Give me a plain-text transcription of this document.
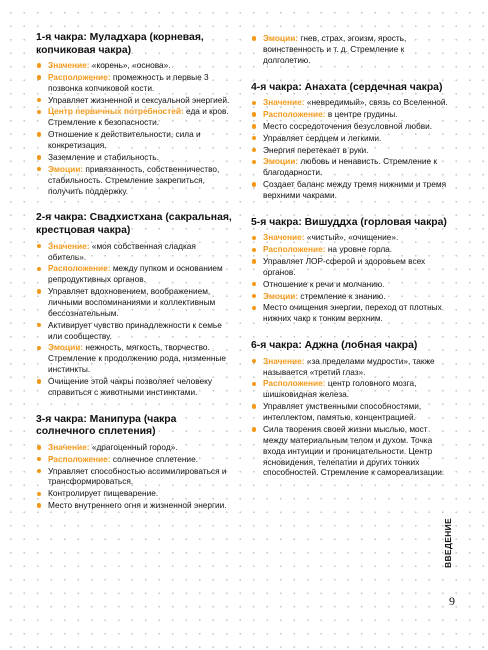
1-я чакра: Муладхара (корневая, копчиковая чакра)
Значение: «корень», «основа».
Расположение: промежность и первые 3 позвонка копчиковой кости.
Управляет жизненной и сексуальной энергией.
Центр первичных потребностей: еда и кров. Стремление к безопасности.
Отношение к действительности, сила и конкретизация.
Заземление и стабильность.
Эмоции: привязанность, собственничество, стабильность. Стремление закрепиться, получить поддержку.
2-я чакра: Свадхистхана (сакральная, крестцовая чакра)
Значение: «моя собственная сладкая обитель».
Расположение: между пупком и основанием репродуктивных органов.
Управляет вдохновением, воображением, личными воспоминаниями и коллективным бессознательным.
Активирует чувство принадлежности к семье или сообществу.
Эмоции: нежность, мягкость, творчество. Стремление к продолжению рода, низменные инстинкты.
Очищение этой чакры позволяет человеку справиться с животными инстинктами.
3-я чакра: Манипура (чакра солнечного сплетения)
Значение: «драгоценный город».
Расположение: солнечное сплетение.
Управляет способностью ассимилироваться и трансформироваться.
Контролирует пищеварение.
Место внутреннего огня и жизненной энергии.
Эмоции: гнев, страх, эгоизм, ярость, воинственность и т. д. Стремление к долголетию.
4-я чакра: Анахата (сердечная чакра)
Значение: «невредимый», связь со Вселенной.
Расположение: в центре грудины.
Место сосредоточения безусловной любви.
Управляет сердцем и легкими.
Энергия перетекает в руки.
Эмоции: любовь и ненависть. Стремление к благодарности.
Создает баланс между тремя нижними и тремя верхними чакрами.
5-я чакра: Вишуддха (горловая чакра)
Значение: «чистый», «очищение».
Расположение: на уровне горла.
Управляет ЛОР-сферой и здоровьем всех органов.
Отношение к речи и молчанию.
Эмоции: стремление к знанию.
Место очищения энергии, переход от плотных нижних чакр к тонким верхним.
6-я чакра: Аджна (лобная чакра)
Значение: «за пределами мудрости», также называется «третий глаз».
Расположение: центр головного мозга, шишковидная железа.
Управляет умственными способностями, интеллектом, памятью, концентрацией.
Сила творения своей жизни мыслью, мост между материальным телом и духом. Точка входа интуиции и проницательности. Центр ясновидения, телепатии и других тонких способностей. Стремление к самореализации.
ВВЕДЕНИЕ
9
